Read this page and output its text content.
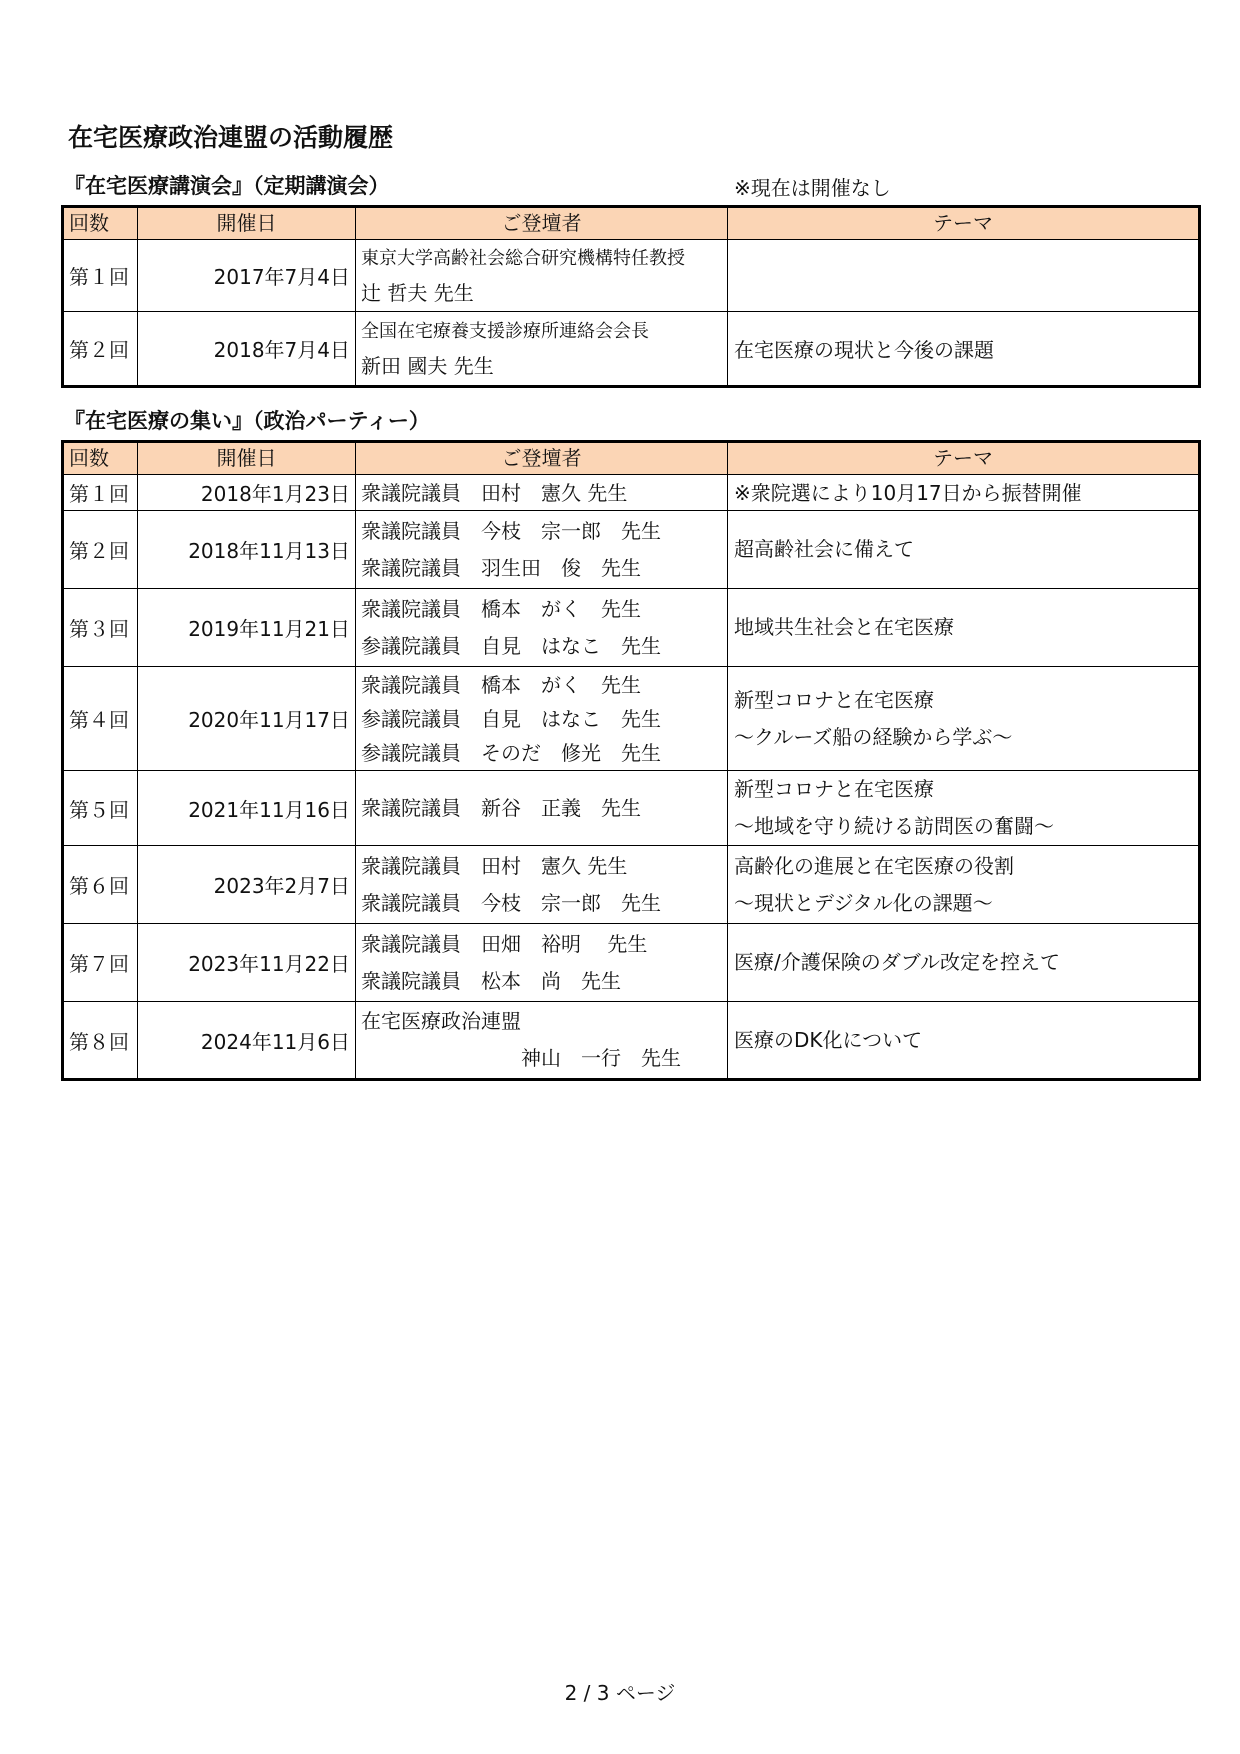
在宅医療政治連盟の活動履歴
『在宅医療講演会』（定期講演会）	※現在は開催なし
回数	開催日	ご登壇者	テーマ
第１回	2017年7月4日	東京大学高齢社会総合研究機構特任教授
辻 哲夫 先生	

第２回	2018年7月4日	全国在宅療養支援診療所連絡会会長
新田 國夫 先生	在宅医療の現状と今後の課題
『在宅医療の集い』（政治パーティー）
回数	開催日	ご登壇者	テーマ
第１回	2018年1月23日	衆議院議員　田村　憲久 先生	※衆院選により10月17日から振替開催

第２回	2018年11月13日	衆議院議員　今枝　宗一郎　先生
衆議院議員　羽生田　俊　先生	超高齢社会に備えて

第３回	2019年11月21日	衆議院議員　橋本　がく　先生
参議院議員　自見　はなこ　先生	地域共生社会と在宅医療

第４回	2020年11月17日	衆議院議員　橋本　がく　先生
参議院議員　自見　はなこ　先生
参議院議員　そのだ　修光　先生	新型コロナと在宅医療
～クルーズ船の経験から学ぶ～

第５回	2021年11月16日	衆議院議員　新谷　正義　先生	新型コロナと在宅医療
～地域を守り続ける訪問医の奮闘～

第６回	2023年2月7日	衆議院議員　田村　憲久 先生
衆議院議員　今枝　宗一郎　先生	高齢化の進展と在宅医療の役割
～現状とデジタル化の課題～

第７回	2023年11月22日	衆議院議員　田畑　裕明　 先生
衆議院議員　松本　尚　先生	医療/介護保険のダブル改定を控えて

第８回	2024年11月6日	在宅医療政治連盟
神山　一行　先生	医療のDK化について
2 / 3 ページ
